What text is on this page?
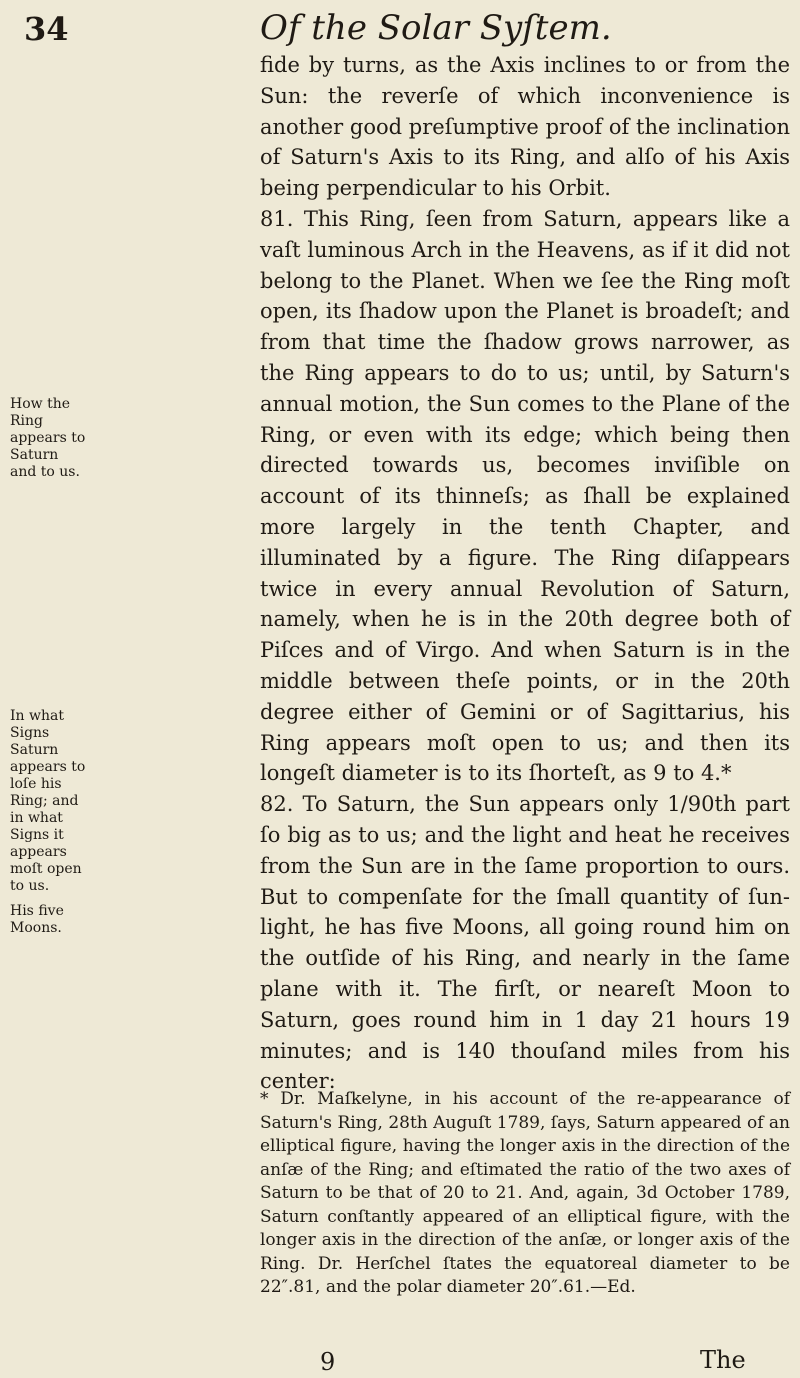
34	Of the Solar Syſtem.
How the Ring appears to Saturn and to us.
In what Signs Saturn appears to loſe his Ring; and in what Signs it appears moſt open to us.
His five Moons.

fide by turns, as the Axis inclines to or from the Sun: the reverſe of which inconvenience is another good preſumptive proof of the inclination of Saturn's Axis to its Ring, and alſo of his Axis being perpendicular to his Orbit.

81. This Ring, ſeen from Saturn, appears like a vaſt luminous Arch in the Heavens, as if it did not belong to the Planet. When we ſee the Ring moſt open, its ſhadow upon the Planet is broadeſt; and from that time the ſhadow grows narrower, as the Ring appears to do to us; until, by Saturn's annual motion, the Sun comes to the Plane of the Ring, or even with its edge; which being then directed towards us, becomes inviſible on account of its thinneſs; as ſhall be explained more largely in the tenth Chapter, and illuminated by a figure. The Ring diſappears twice in every annual Revolution of Saturn, namely, when he is in the 20th degree both of Piſces and of Virgo. And when Saturn is in the middle between theſe points, or in the 20th degree either of Gemini or of Sagittarius, his Ring appears moſt open to us; and then its longeſt diameter is to its ſhorteſt, as 9 to 4.*

82. To Saturn, the Sun appears only 1/90th part ſo big as to us; and the light and heat he receives from the Sun are in the ſame proportion to ours. But to compenſate for the ſmall quantity of ſun-light, he has five Moons, all going round him on the outſide of his Ring, and nearly in the ſame plane with it. The firſt, or neareſt Moon to Saturn, goes round him in 1 day 21 hours 19 minutes; and is 140 thouſand miles from his center:

* Dr. Maſkelyne, in his account of the re-appearance of Saturn's Ring, 28th Auguſt 1789, ſays, Saturn appeared of an elliptical figure, having the longer axis in the direction of the anſæ of the Ring; and eſtimated the ratio of the two axes of Saturn to be that of 20 to 21. And, again, 3d October 1789, Saturn conſtantly appeared of an elliptical figure, with the longer axis in the direction of the anſæ, or longer axis of the Ring. Dr. Herſchel ſtates the equatoreal diameter to be 22″.81, and the polar diameter 20″.61.—Ed.

9	The
